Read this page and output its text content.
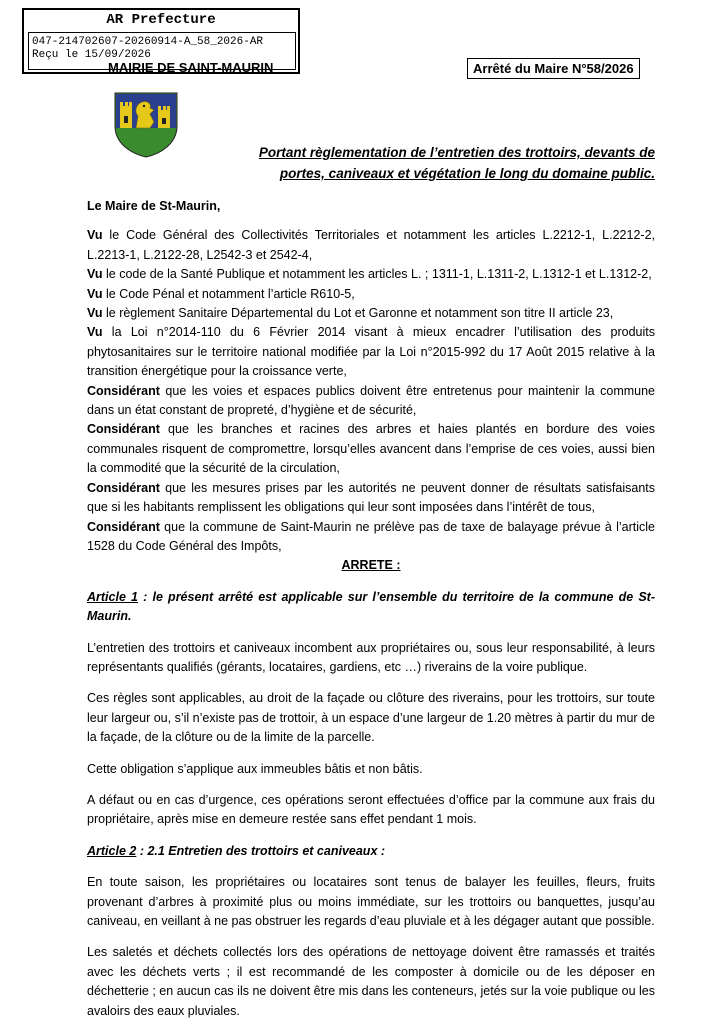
AR Prefecture
047-214702607-20260914-A_58_2026-AR
Reçu le 15/09/2026
MAIRIE DE SAINT-MAURIN	Arrêté du Maire N°58/2026
Portant règlementation de l’entretien des trottoirs, devants de portes, caniveaux et végétation le long du domaine public.

Le Maire de St-Maurin,

Vu le Code Général des Collectivités Territoriales et notamment les articles L.2212-1, L.2212-2, L.2213-1, L.2122-28, L2542-3 et 2542-4,

Vu le code de la Santé Publique et notamment les articles L. ; 1311-1, L.1311-2, L.1312-1 et L.1312-2,

Vu le Code Pénal et notamment l’article R610-5,

Vu le règlement Sanitaire Départemental du Lot et Garonne et notamment son titre II article 23,

Vu la Loi n°2014-110 du 6 Février 2014 visant à mieux encadrer l’utilisation des produits phytosanitaires sur le territoire national modifiée par la Loi n°2015-992 du 17 Août 2015 relative à la transition énergétique pour la croissance verte,

Considérant que les voies et espaces publics doivent être entretenus pour maintenir la commune dans un état constant de propreté, d’hygiène et de sécurité,

Considérant que les branches et racines des arbres et haies plantés en bordure des voies communales risquent de compromettre, lorsqu’elles avancent dans l’emprise de ces voies, aussi bien la commodité que la sécurité de la circulation,

Considérant que les mesures prises par les autorités ne peuvent donner de résultats satisfaisants que si les habitants remplissent les obligations qui leur sont imposées dans l’intérêt de tous,

Considérant que la commune de Saint-Maurin ne prélève pas de taxe de balayage prévue à l’article 1528 du Code Général des Impôts,

ARRETE :

Article 1 : le présent arrêté est applicable sur l’ensemble du territoire de la commune de St-Maurin.

L’entretien des trottoirs et caniveaux incombent aux propriétaires ou, sous leur responsabilité, à leurs représentants qualifiés (gérants, locataires, gardiens, etc …) riverains de la voire publique.

Ces règles sont applicables, au droit de la façade ou clôture des riverains, pour les trottoirs, sur toute leur largeur ou, s’il n’existe pas de trottoir, à un espace d’une largeur de 1.20 mètres à partir du mur de la façade, de la clôture ou de la limite de la parcelle.

Cette obligation s’applique aux immeubles bâtis et non bâtis.

A défaut ou en cas d’urgence, ces opérations seront effectuées d’office par la commune aux frais du propriétaire, après mise en demeure restée sans effet pendant 1 mois.

Article 2 : 2.1 Entretien des trottoirs et caniveaux :

En toute saison, les propriétaires ou locataires sont tenus de balayer les feuilles, fleurs, fruits provenant d’arbres à proximité plus ou moins immédiate, sur les trottoirs ou banquettes, jusqu’au caniveau, en veillant à ne pas obstruer les regards d’eau pluviale et à les dégager autant que possible.

Les saletés et déchets collectés lors des opérations de nettoyage doivent être ramassés et traités avec les déchets verts ; il est recommandé de les composter à domicile ou de les déposer en déchetterie ; en aucun cas ils ne doivent être mis dans les conteneurs, jetés sur la voie publique ou les avaloirs des eaux pluviales.
